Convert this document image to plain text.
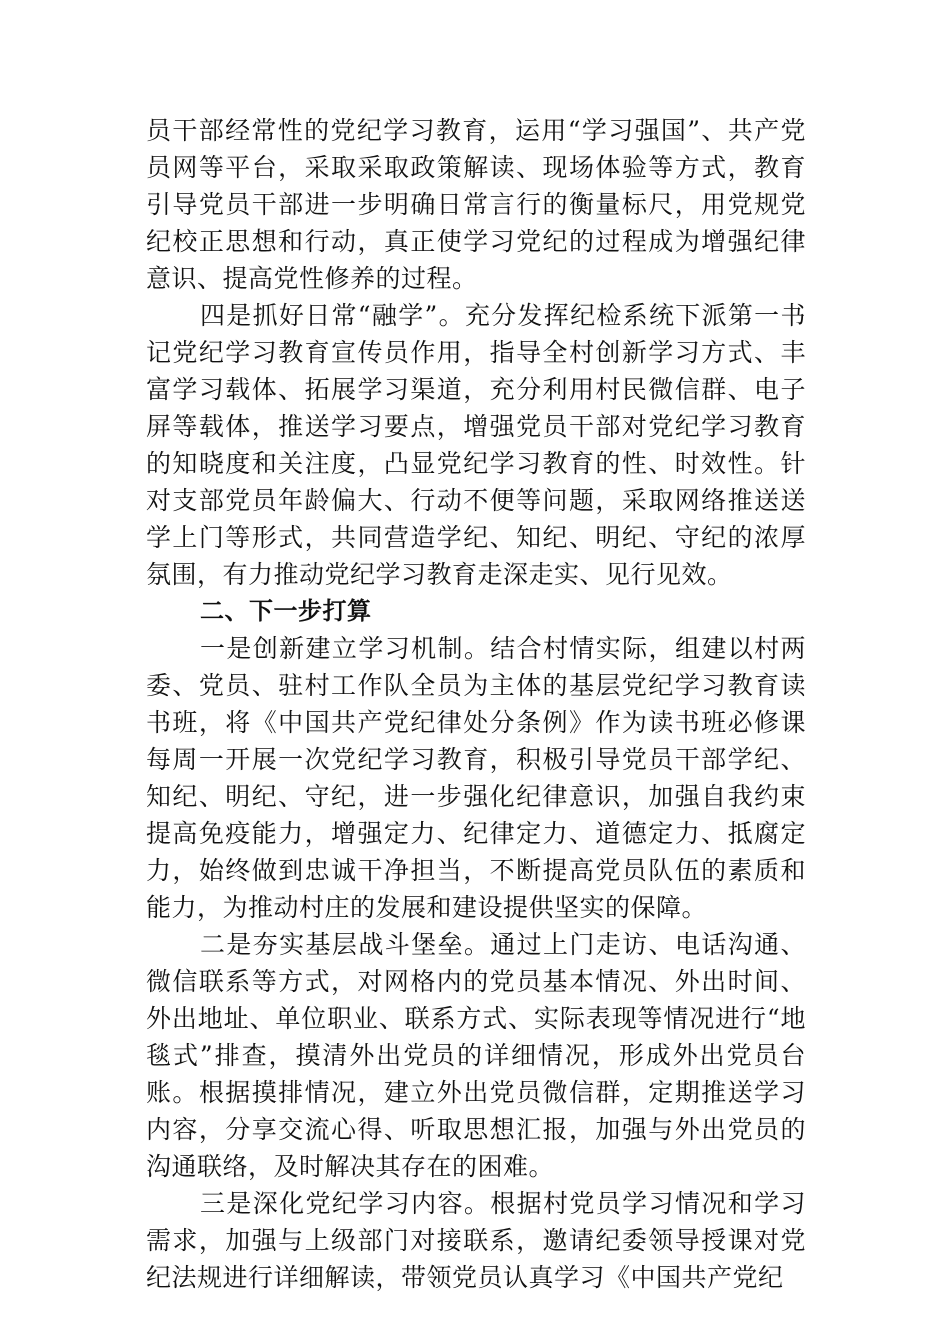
员干部经常性的党纪学习教育，运用“学习强国”、共产党员网等平台，采取采取政策解读、现场体验等方式，教育引导党员干部进一步明确日常言行的衡量标尺，用党规党纪校正思想和行动，真正使学习党纪的过程成为增强纪律意识、提高党性修养的过程。

四是抓好日常“融学”。充分发挥纪检系统下派第一书记党纪学习教育宣传员作用，指导全村创新学习方式、丰富学习载体、拓展学习渠道，充分利用村民微信群、电子屏等载体，推送学习要点，增强党员干部对党纪学习教育的知晓度和关注度，凸显党纪学习教育的性、时效性。针对支部党员年龄偏大、行动不便等问题，采取网络推送送学上门等形式，共同营造学纪、知纪、明纪、守纪的浓厚氛围，有力推动党纪学习教育走深走实、见行见效。

二、下一步打算

一是创新建立学习机制。结合村情实际，组建以村两委、党员、驻村工作队全员为主体的基层党纪学习教育读书班，将《中国共产党纪律处分条例》作为读书班必修课每周一开展一次党纪学习教育，积极引导党员干部学纪、知纪、明纪、守纪，进一步强化纪律意识，加强自我约束提高免疫能力，增强定力、纪律定力、道德定力、抵腐定力，始终做到忠诚干净担当，不断提高党员队伍的素质和能力，为推动村庄的发展和建设提供坚实的保障。

二是夯实基层战斗堡垒。通过上门走访、电话沟通、微信联系等方式，对网格内的党员基本情况、外出时间、外出地址、单位职业、联系方式、实际表现等情况进行“地毯式”排查，摸清外出党员的详细情况，形成外出党员台账。根据摸排情况，建立外出党员微信群，定期推送学习内容，分享交流心得、听取思想汇报，加强与外出党员的沟通联络，及时解决其存在的困难。

三是深化党纪学习内容。根据村党员学习情况和学习需求，加强与上级部门对接联系，邀请纪委领导授课对党纪法规进行详细解读，带领党员认真学习《中国共产党纪
